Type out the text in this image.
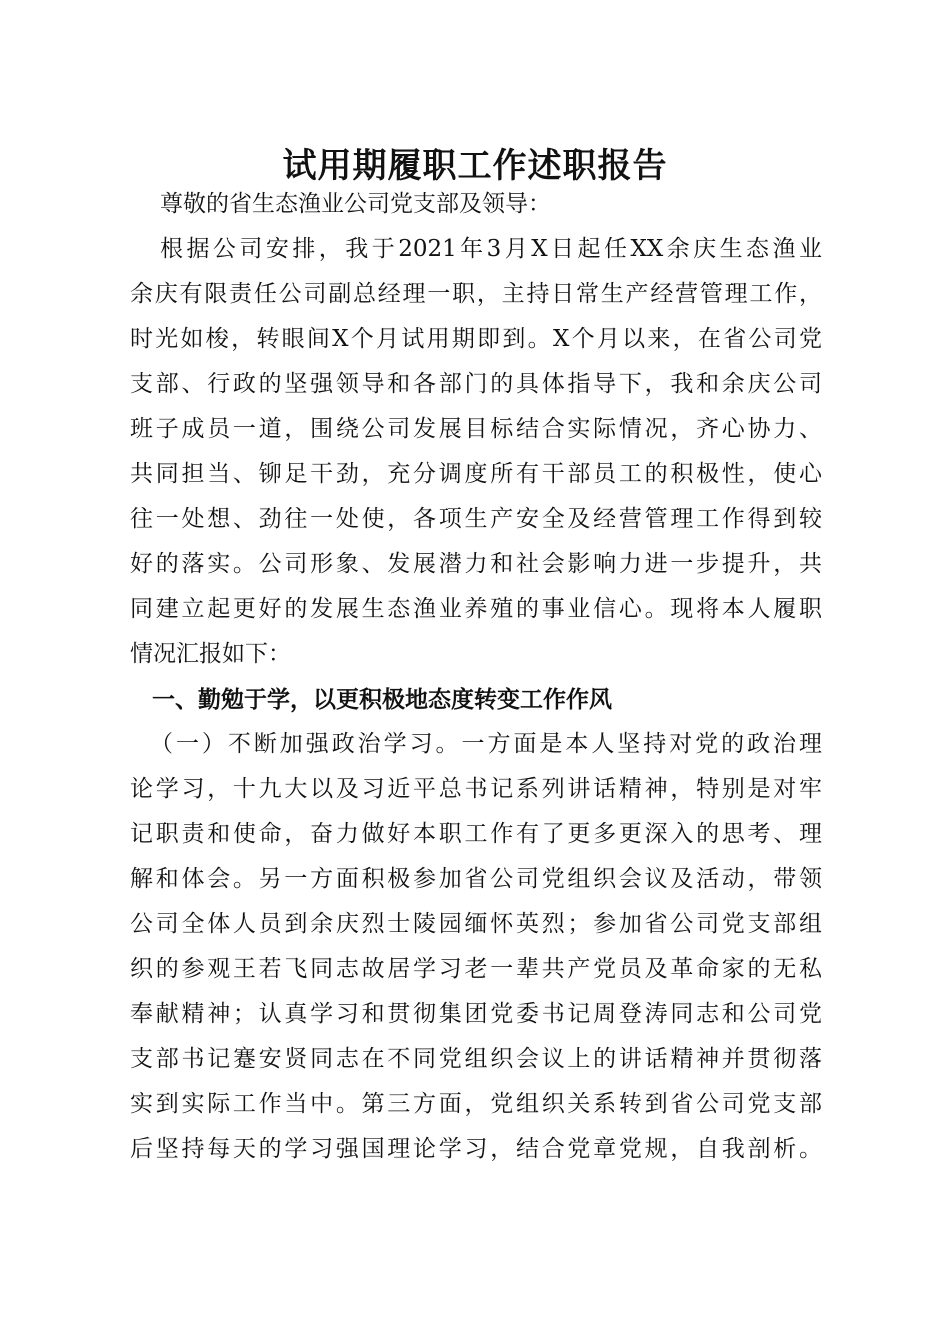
试用期履职工作述职报告
尊敬的省生态渔业公司党支部及领导：
根据公司安排，我于2021年3月X日起任XX余庆生态渔业
余庆有限责任公司副总经理一职，主持日常生产经营管理工作，
时光如梭，转眼间X个月试用期即到。X个月以来，在省公司党
支部、行政的坚强领导和各部门的具体指导下，我和余庆公司
班子成员一道，围绕公司发展目标结合实际情况，齐心协力、
共同担当、铆足干劲，充分调度所有干部员工的积极性，使心
往一处想、劲往一处使，各项生产安全及经营管理工作得到较
好的落实。公司形象、发展潜力和社会影响力进一步提升，共
同建立起更好的发展生态渔业养殖的事业信心。现将本人履职
情况汇报如下：
一、勤勉于学，以更积极地态度转变工作作风
（一）不断加强政治学习。一方面是本人坚持对党的政治理
论学习，十九大以及习近平总书记系列讲话精神，特别是对牢
记职责和使命，奋力做好本职工作有了更多更深入的思考、理
解和体会。另一方面积极参加省公司党组织会议及活动，带领
公司全体人员到余庆烈士陵园缅怀英烈；参加省公司党支部组
织的参观王若飞同志故居学习老一辈共产党员及革命家的无私
奉献精神；认真学习和贯彻集团党委书记周登涛同志和公司党
支部书记蹇安贤同志在不同党组织会议上的讲话精神并贯彻落
实到实际工作当中。第三方面，党组织关系转到省公司党支部
后坚持每天的学习强国理论学习，结合党章党规，自我剖析。
